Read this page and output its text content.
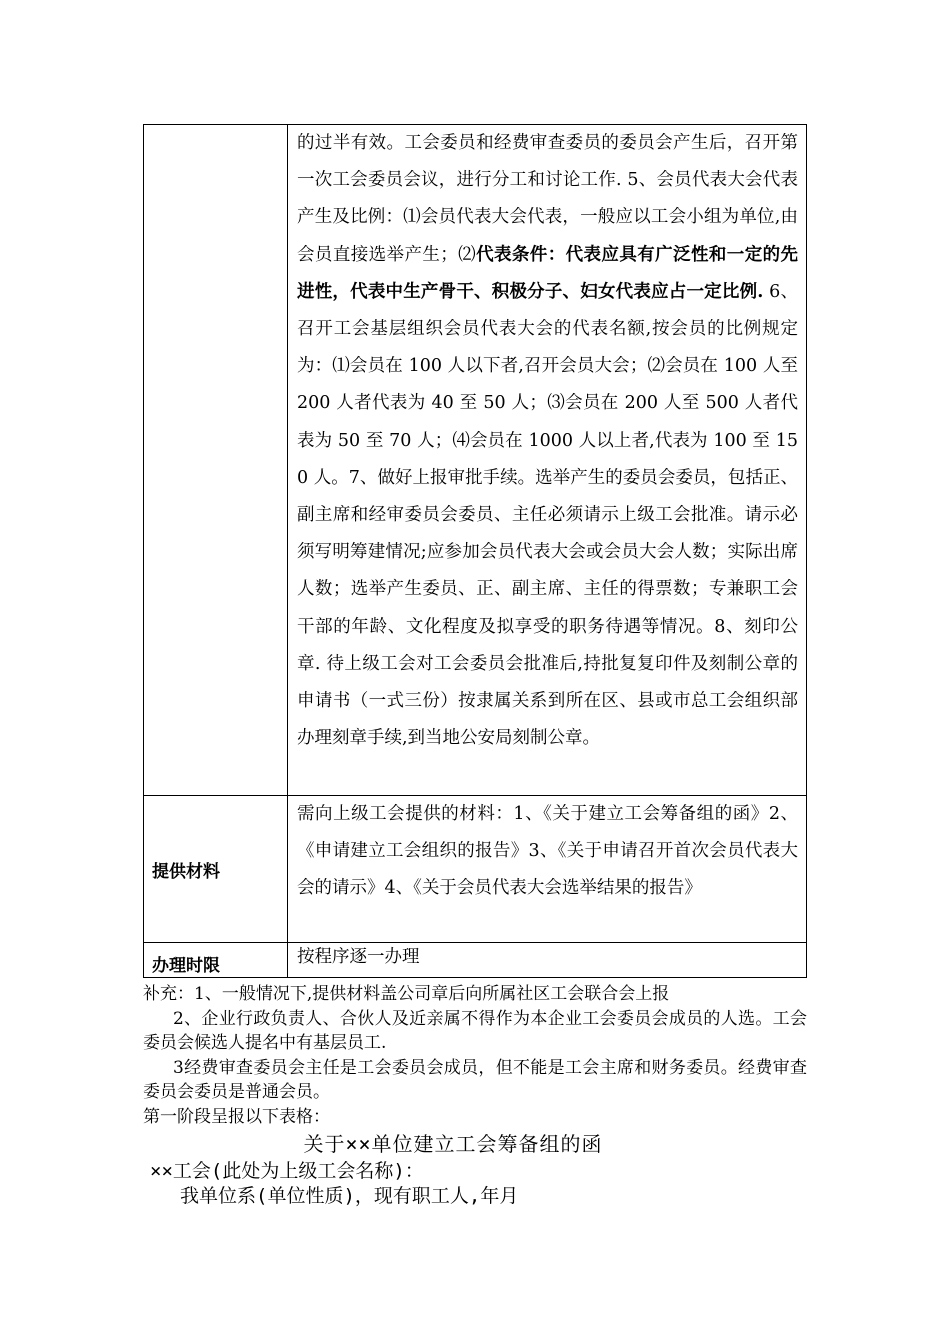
	的过半有效。工会委员和经费审查委员的委员会产生后，召开第一次工会委员会议，进行分工和讨论工作. 5、会员代表大会代表产生及比例：⑴会员代表大会代表，一般应以工会小组为单位,由会员直接选举产生；⑵代表条件：代表应具有广泛性和一定的先进性，代表中生产骨干、积极分子、妇女代表应占一定比例. 6、召开工会基层组织会员代表大会的代表名额,按会员的比例规定为：⑴会员在 100 人以下者,召开会员大会；⑵会员在 100 人至 200 人者代表为 40 至 50 人；⑶会员在 200 人至 500 人者代表为 50 至 70 人；⑷会员在 1000 人以上者,代表为 100 至 150 人。7、做好上报审批手续。选举产生的委员会委员，包括正、副主席和经审委员会委员、主任必须请示上级工会批准。请示必须写明筹建情况;应参加会员代表大会或会员大会人数；实际出席人数；选举产生委员、正、副主席、主任的得票数；专兼职工会干部的年龄、文化程度及拟享受的职务待遇等情况。8、刻印公章. 待上级工会对工会委员会批准后,持批复复印件及刻制公章的申请书（一式三份）按隶属关系到所在区、县或市总工会组织部办理刻章手续,到当地公安局刻制公章。

提供材料	需向上级工会提供的材料：1、《关于建立工会筹备组的函》2、《申请建立工会组织的报告》3、《关于申请召开首次会员代表大会的请示》4、《关于会员代表大会选举结果的报告》

办理时限	按程序逐一办理

补充：1、一般情况下,提供材料盖公司章后向所属社区工会联合会上报

2、企业行政负责人、合伙人及近亲属不得作为本企业工会委员会成员的人选。工会委员会候选人提名中有基层员工.

3经费审查委员会主任是工会委员会成员，但不能是工会主席和财务委员。经费审查委员会委员是普通会员。

第一阶段呈报以下表格：

关于××单位建立工会筹备组的函
××工会(此处为上级工会名称)：
我单位系(单位性质)，现有职工人,年月
